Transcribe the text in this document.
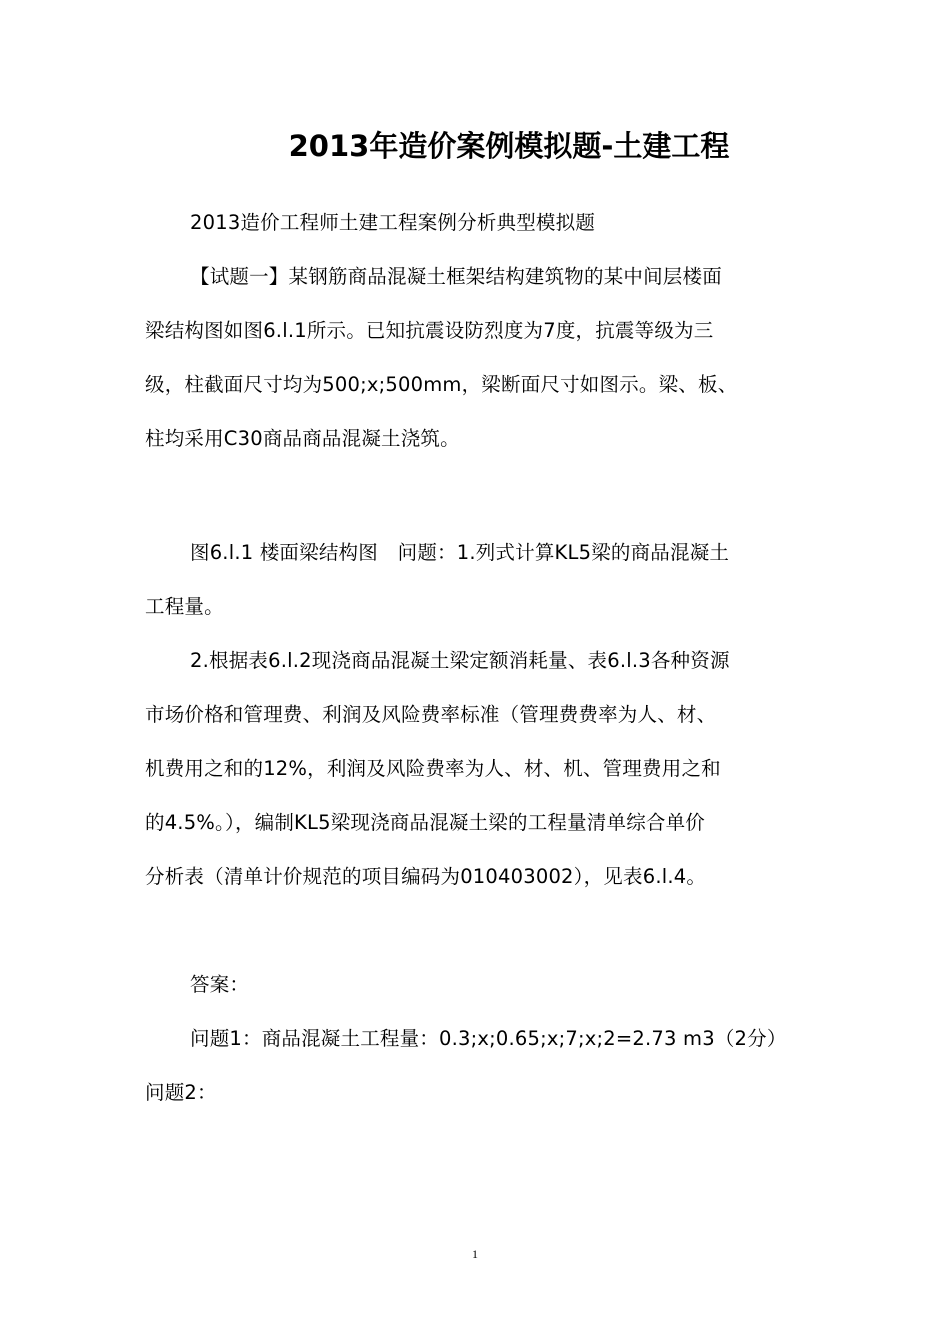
2013年造价案例模拟题-土建工程
2013造价工程师土建工程案例分析典型模拟题
【试题一】某钢筋商品混凝土框架结构建筑物的某中间层楼面
梁结构图如图6.l.1所示。已知抗震设防烈度为7度，抗震等级为三
级，柱截面尺寸均为500;x;500mm，梁断面尺寸如图示。梁、板、
柱均采用C30商品商品混凝土浇筑。
图6.l.1 楼面梁结构图　问题：1.列式计算KL5梁的商品混凝土
工程量。
2.根据表6.l.2现浇商品混凝土梁定额消耗量、表6.l.3各种资源
市场价格和管理费、利润及风险费率标准（管理费费率为人、材、
机费用之和的12%，利润及风险费率为人、材、机、管理费用之和
的4.5%。），编制KL5梁现浇商品混凝土梁的工程量清单综合单价
分析表（清单计价规范的项目编码为010403002），见表6.l.4。
答案：
问题1：商品混凝土工程量：0.3;x;0.65;x;7;x;2=2.73 m3（2分）
问题2：
1
